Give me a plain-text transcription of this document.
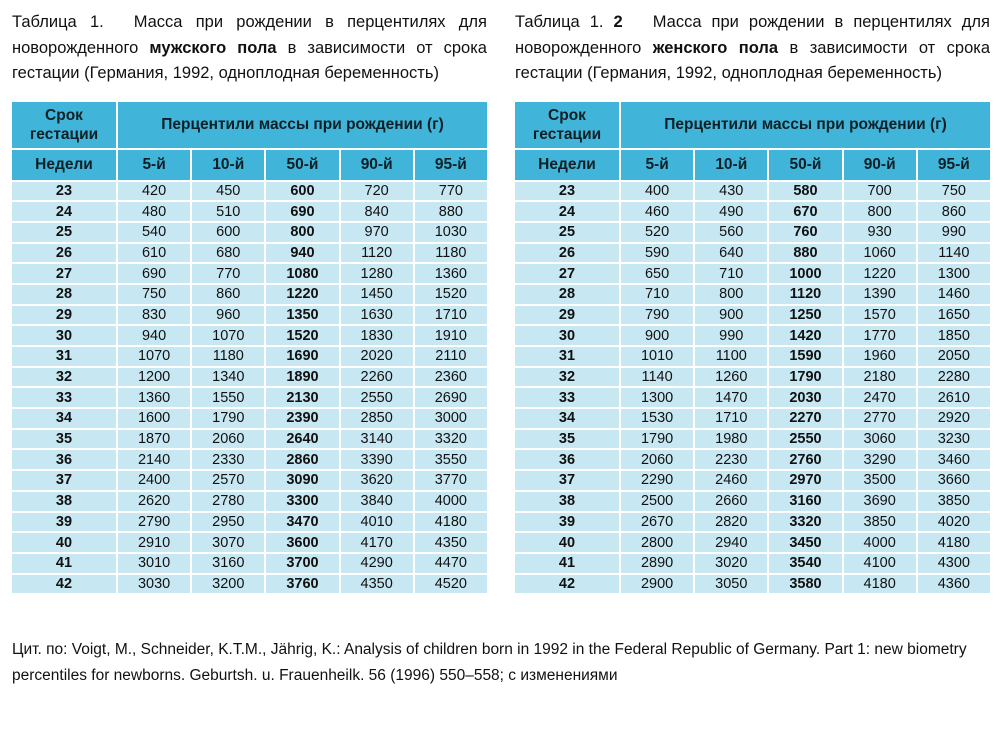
Таблица 1. Масса при рождении в перцентилях для новорожденного мужского пола в зависимости от срока гестации (Германия, 1992, одноплодная беременность)

Срок гестации	Перцентили массы при рождении (г)				
Недели	5-й	10-й	50-й	90-й	95-й
23	420	450	600	720	770
24	480	510	690	840	880
25	540	600	800	970	1030
26	610	680	940	1120	1180
27	690	770	1080	1280	1360
28	750	860	1220	1450	1520
29	830	960	1350	1630	1710
30	940	1070	1520	1830	1910
31	1070	1180	1690	2020	2110
32	1200	1340	1890	2260	2360
33	1360	1550	2130	2550	2690
34	1600	1790	2390	2850	3000
35	1870	2060	2640	3140	3320
36	2140	2330	2860	3390	3550
37	2400	2570	3090	3620	3770
38	2620	2780	3300	3840	4000
39	2790	2950	3470	4010	4180
40	2910	3070	3600	4170	4350
41	3010	3160	3700	4290	4470
42	3030	3200	3760	4350	4520

Таблица 1. 2 Масса при рождении в перцентилях для новорожденного женского пола в зависимости от срока гестации (Германия, 1992, одноплодная беременность)

Срок гестации	Перцентили массы при рождении (г)				
Недели	5-й	10-й	50-й	90-й	95-й
23	400	430	580	700	750
24	460	490	670	800	860
25	520	560	760	930	990
26	590	640	880	1060	1140
27	650	710	1000	1220	1300
28	710	800	1120	1390	1460
29	790	900	1250	1570	1650
30	900	990	1420	1770	1850
31	1010	1100	1590	1960	2050
32	1140	1260	1790	2180	2280
33	1300	1470	2030	2470	2610
34	1530	1710	2270	2770	2920
35	1790	1980	2550	3060	3230
36	2060	2230	2760	3290	3460
37	2290	2460	2970	3500	3660
38	2500	2660	3160	3690	3850
39	2670	2820	3320	3850	4020
40	2800	2940	3450	4000	4180
41	2890	3020	3540	4100	4300
42	2900	3050	3580	4180	4360

Цит. по: Voigt, M., Schneider, K.T.M., Jährig, K.: Analysis of children born in 1992 in the Federal Republic of Germany. Part 1: new biometry percentiles for newborns. Geburtsh. u. Frauenheilk. 56 (1996) 550–558; с изменениями
